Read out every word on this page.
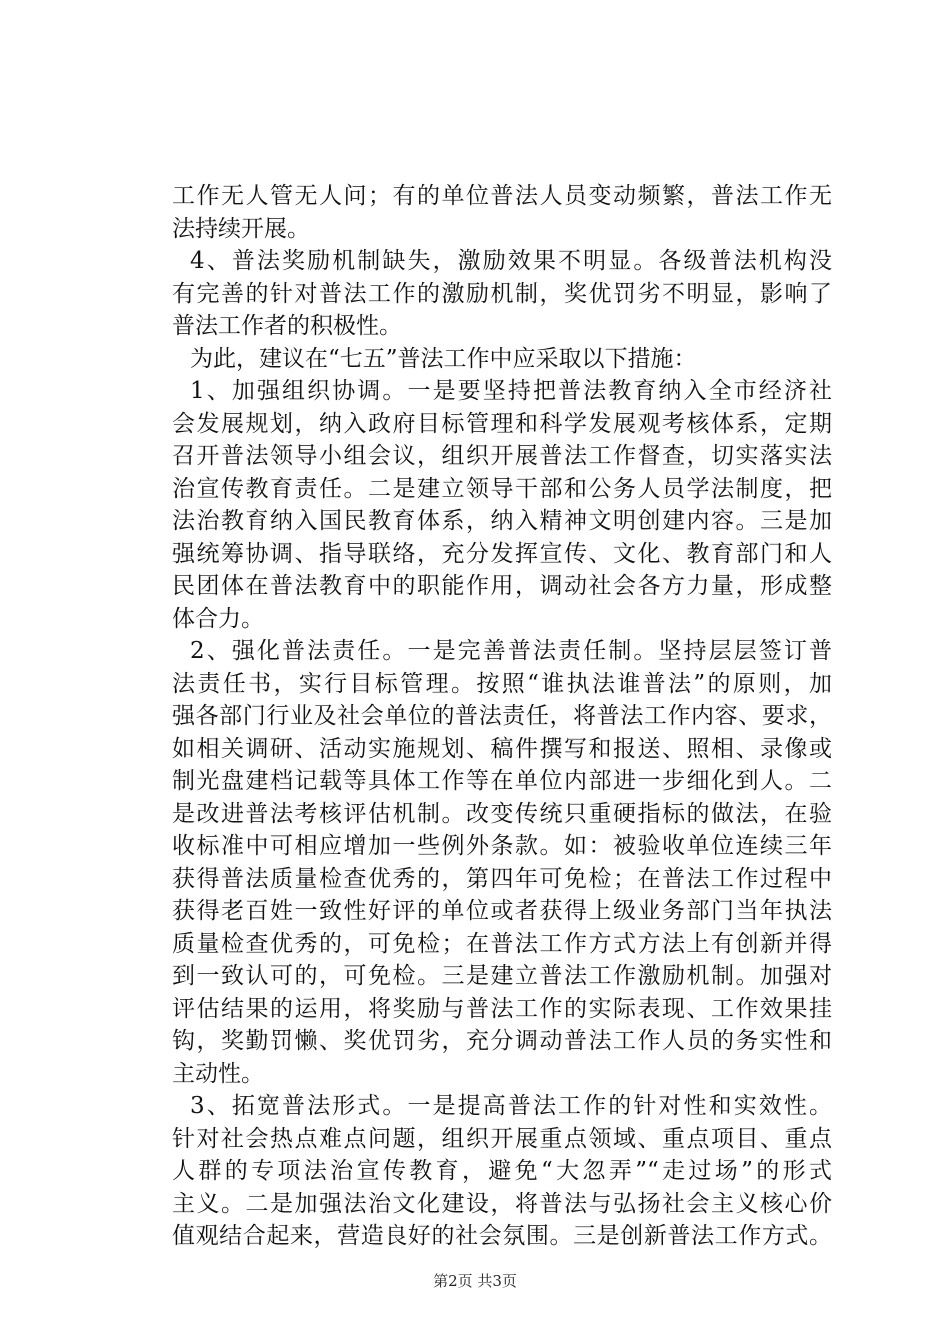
工作无人管无人问；有的单位普法人员变动频繁，普法工作无
法持续开展。
4、普法奖励机制缺失，激励效果不明显。各级普法机构没
有完善的针对普法工作的激励机制，奖优罚劣不明显，影响了
普法工作者的积极性。
为此，建议在“七五”普法工作中应采取以下措施：
1、加强组织协调。一是要坚持把普法教育纳入全市经济社
会发展规划，纳入政府目标管理和科学发展观考核体系，定期
召开普法领导小组会议，组织开展普法工作督查，切实落实法
治宣传教育责任。二是建立领导干部和公务人员学法制度，把
法治教育纳入国民教育体系，纳入精神文明创建内容。三是加
强统筹协调、指导联络，充分发挥宣传、文化、教育部门和人
民团体在普法教育中的职能作用，调动社会各方力量，形成整
体合力。
2、强化普法责任。一是完善普法责任制。坚持层层签订普
法责任书，实行目标管理。按照“谁执法谁普法”的原则，加
强各部门行业及社会单位的普法责任，将普法工作内容、要求，
如相关调研、活动实施规划、稿件撰写和报送、照相、录像或
制光盘建档记载等具体工作等在单位内部进一步细化到人。二
是改进普法考核评估机制。改变传统只重硬指标的做法，在验
收标准中可相应增加一些例外条款。如：被验收单位连续三年
获得普法质量检查优秀的，第四年可免检；在普法工作过程中
获得老百姓一致性好评的单位或者获得上级业务部门当年执法
质量检查优秀的，可免检；在普法工作方式方法上有创新并得
到一致认可的，可免检。三是建立普法工作激励机制。加强对
评估结果的运用，将奖励与普法工作的实际表现、工作效果挂
钩，奖勤罚懒、奖优罚劣，充分调动普法工作人员的务实性和
主动性。
3、拓宽普法形式。一是提高普法工作的针对性和实效性。
针对社会热点难点问题，组织开展重点领域、重点项目、重点
人群的专项法治宣传教育，避免“大忽弄”“走过场”的形式
主义。二是加强法治文化建设，将普法与弘扬社会主义核心价
值观结合起来，营造良好的社会氛围。三是创新普法工作方式。
第2页 共3页
